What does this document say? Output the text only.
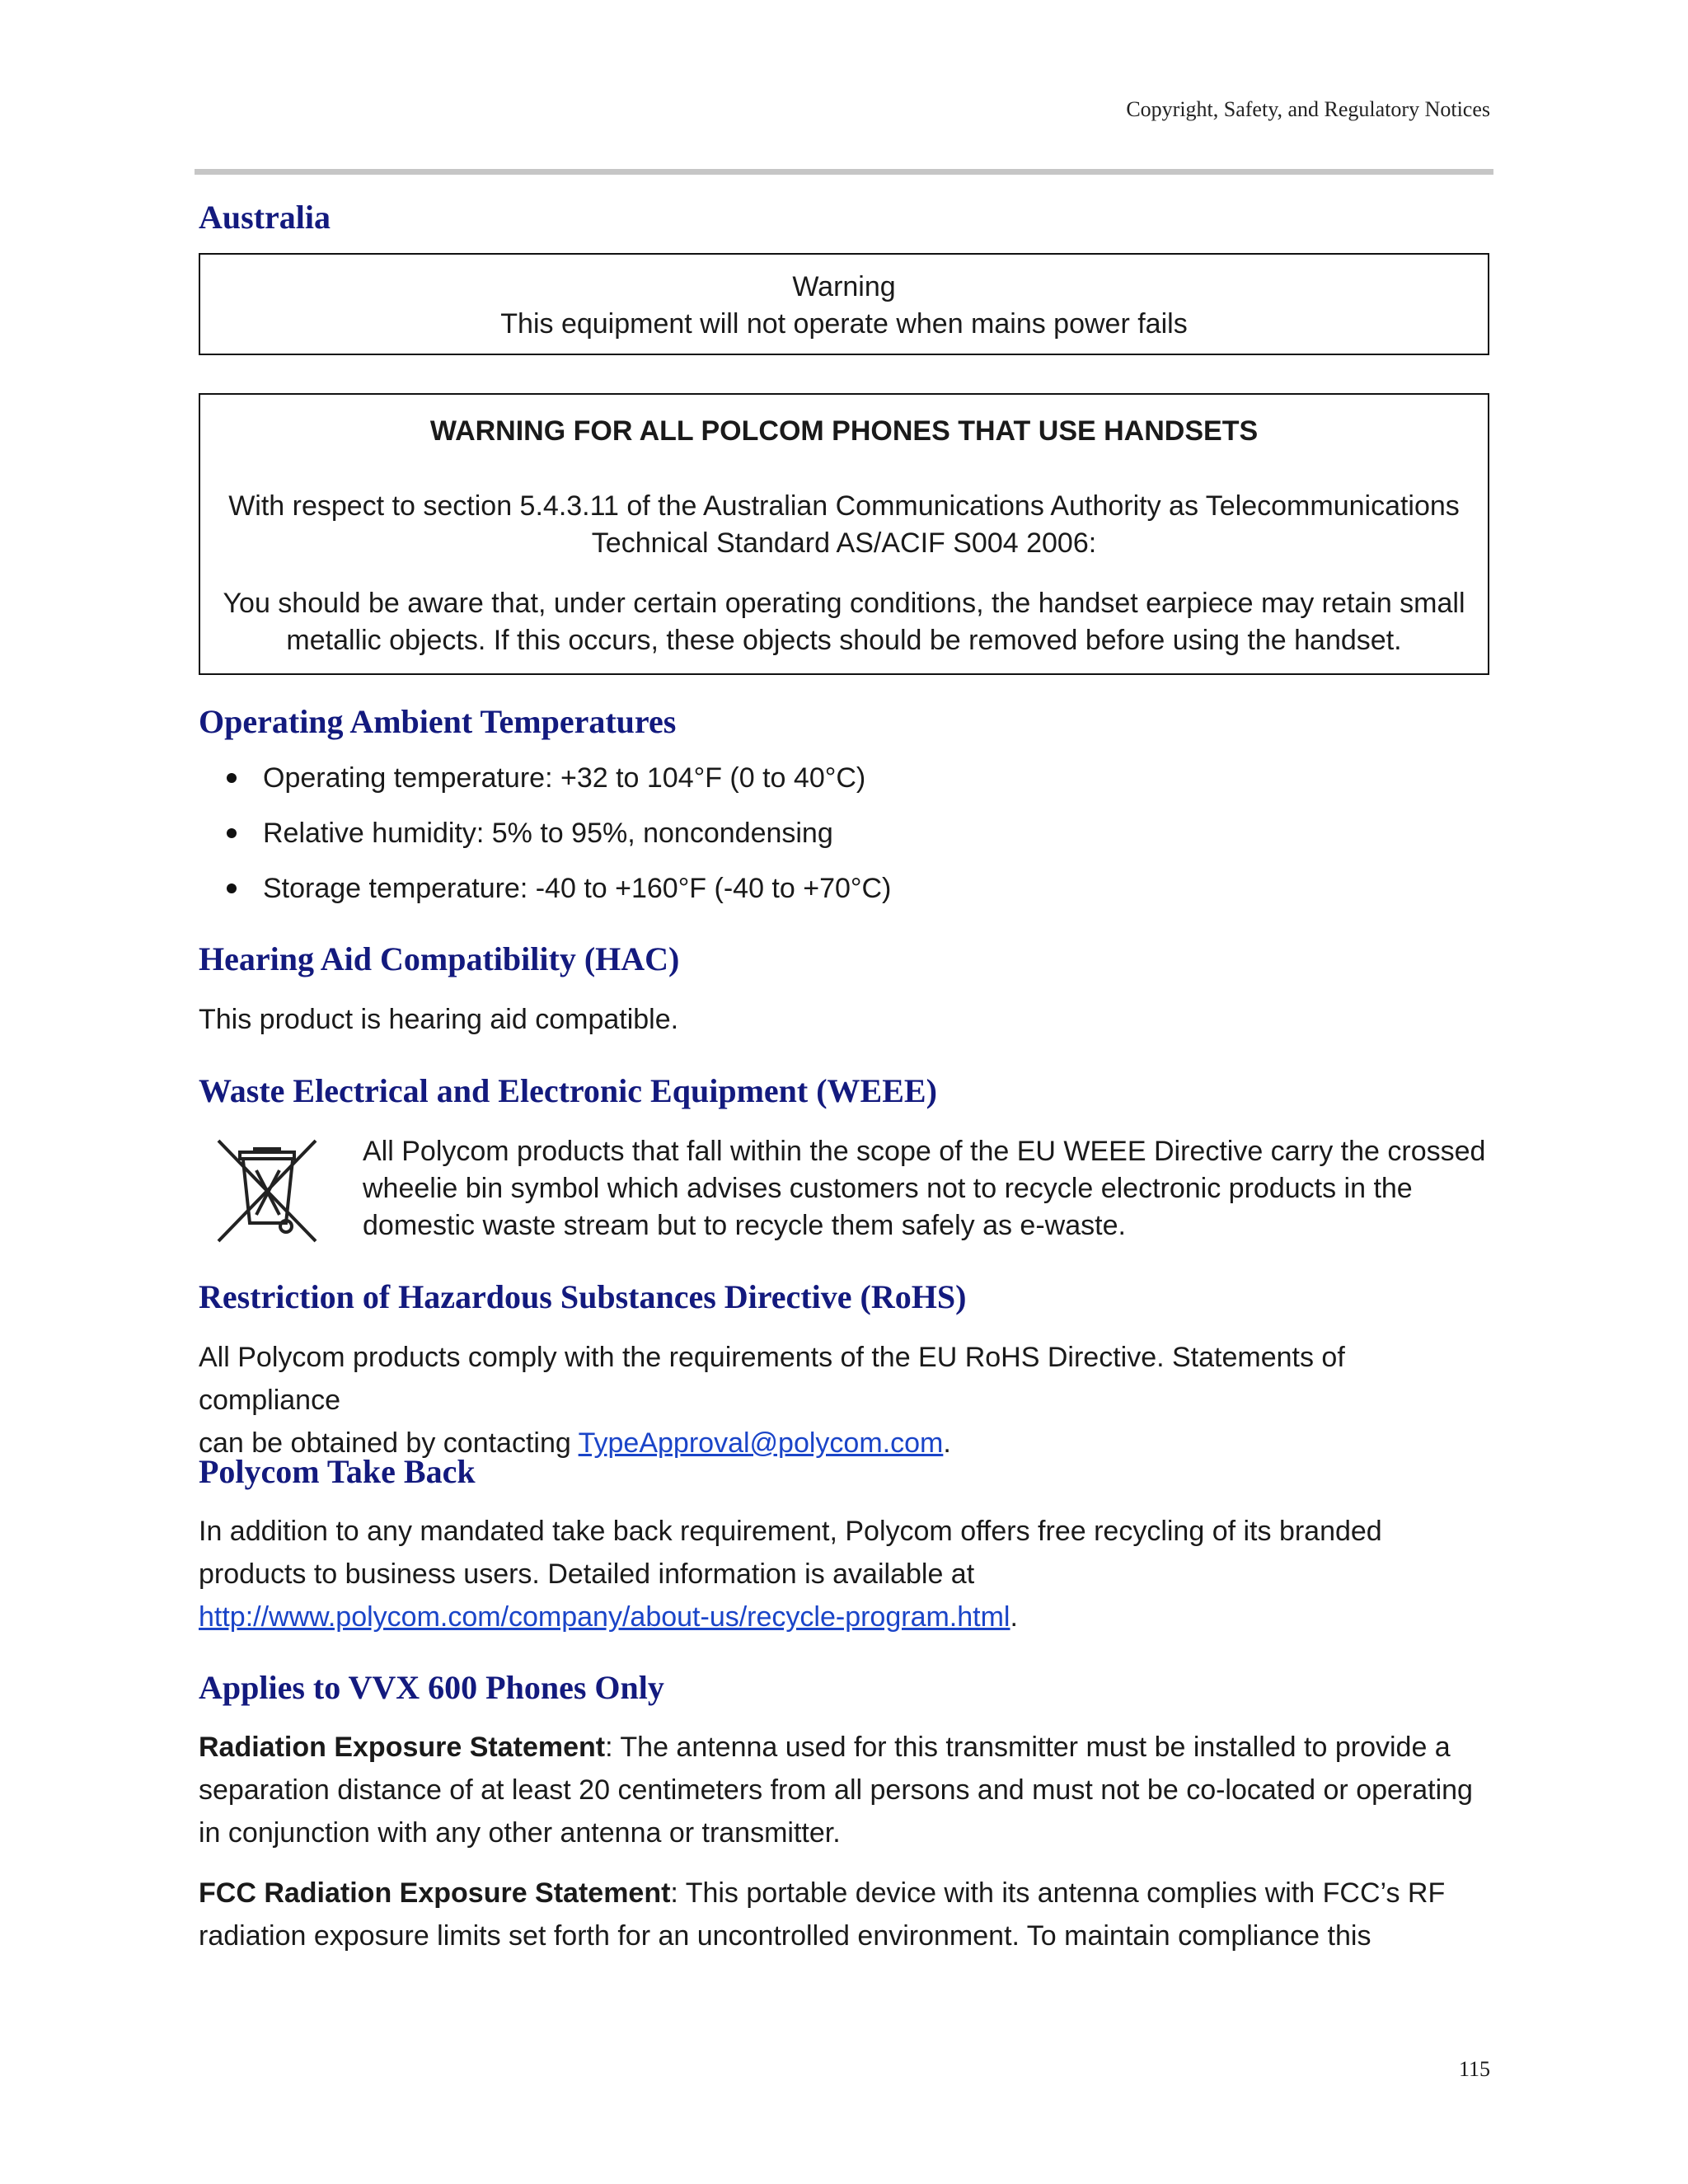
Copyright, Safety, and Regulatory Notices
Australia

Warning

This equipment will not operate when mains power fails

WARNING FOR ALL POLCOM PHONES THAT USE HANDSETS

With respect to section 5.4.3.11 of the Australian Communications Authority as Telecommunications

Technical Standard AS/ACIF S004 2006:

You should be aware that, under certain operating conditions, the handset earpiece may retain small

metallic objects. If this occurs, these objects should be removed before using the handset.

Operating Ambient Temperatures
Operating temperature: +32 to 104°F (0 to 40°C)
Relative humidity: 5% to 95%, noncondensing
Storage temperature: -40 to +160°F (-40 to +70°C)
Hearing Aid Compatibility (HAC)

This product is hearing aid compatible.

Waste Electrical and Electronic Equipment (WEEE)
All Polycom products that fall within the scope of the EU WEEE Directive carry the crossed
wheelie bin symbol which advises customers not to recycle electronic products in the
domestic waste stream but to recycle them safely as e-waste.
Restriction of Hazardous Substances Directive (RoHS)

All Polycom products comply with the requirements of the EU RoHS Directive. Statements of compliance

can be obtained by contacting TypeApproval@polycom.com.

Polycom Take Back

In addition to any mandated take back requirement, Polycom offers free recycling of its branded

products to business users. Detailed information is available at

http://www.polycom.com/company/about-us/recycle-program.html.

Applies to VVX 600 Phones Only

Radiation Exposure Statement: The antenna used for this transmitter must be installed to provide a

separation distance of at least 20 centimeters from all persons and must not be co-located or operating

in conjunction with any other antenna or transmitter.

FCC Radiation Exposure Statement: This portable device with its antenna complies with FCC’s RF

radiation exposure limits set forth for an uncontrolled environment. To maintain compliance this

115
